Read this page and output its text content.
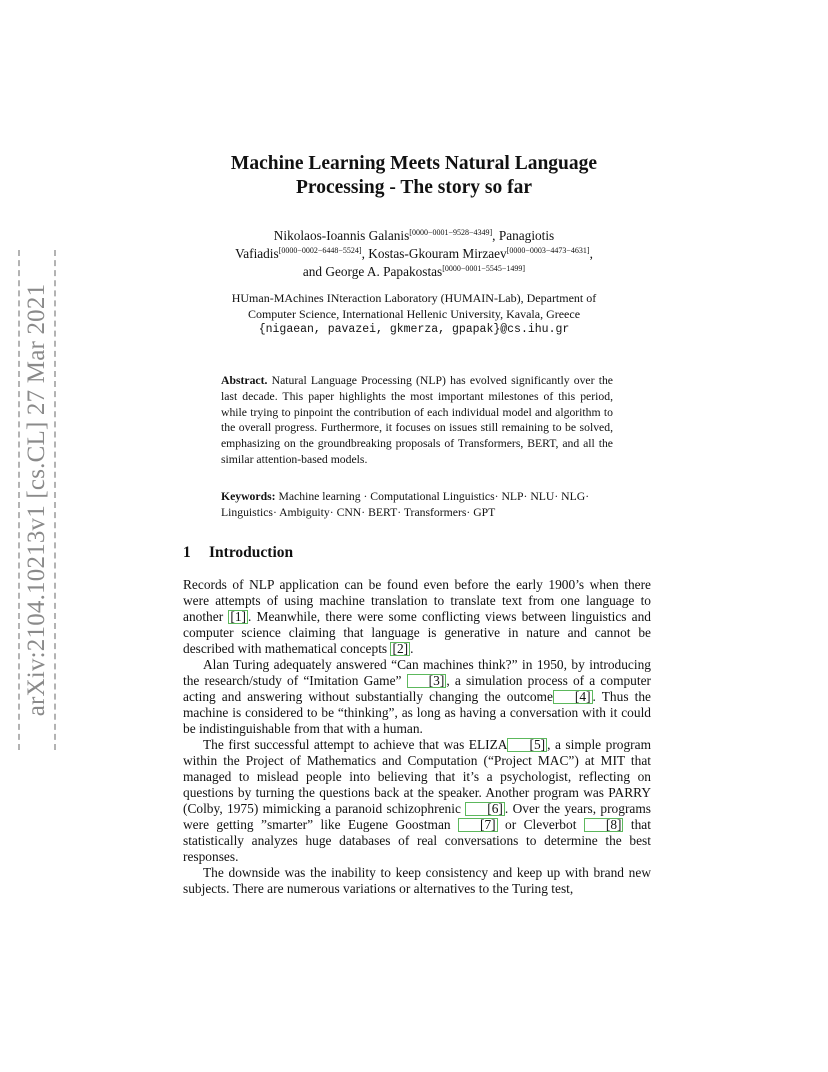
arXiv:2104.10213v1 [cs.CL] 27 Mar 2021
Machine Learning Meets Natural Language
Processing - The story so far
Nikolaos-Ioannis Galanis[0000−0001−9528−4349], Panagiotis
Vafiadis[0000−0002−6448−5524], Kostas-Gkouram Mirzaev[0000−0003−4473−4631],
and George A. Papakostas[0000−0001−5545−1499]
HUman-MAchines INteraction Laboratory (HUMAIN-Lab), Department of
Computer Science, International Hellenic University, Kavala, Greece
{nigaean, pavazei, gkmerza, gpapak}@cs.ihu.gr
Abstract. Natural Language Processing (NLP) has evolved significantly over the last decade. This paper highlights the most important milestones of this period, while trying to pinpoint the contribution of each individual model and algorithm to the overall progress. Furthermore, it focuses on issues still remaining to be solved, emphasizing on the groundbreaking proposals of Transformers, BERT, and all the similar attention-based models.
Keywords: Machine learning · Computational Linguistics· NLP· NLU· NLG· Linguistics· Ambiguity· CNN· BERT· Transformers· GPT
1 Introduction

Records of NLP application can be found even before the early 1900’s when there were attempts of using machine translation to translate text from one language to another [1] . Meanwhile, there were some conflicting views between linguistics and computer science claiming that language is generative in nature and cannot be described with mathematical concepts [2] .

Alan Turing adequately answered “Can machines think?” in 1950, by introducing the research/study of “Imitation Game” [3] , a simulation process of a computer acting and answering without substantially changing the outcome [4] . Thus the machine is considered to be “thinking”, as long as having a conversation with it could be indistinguishable from that with a human.

The first successful attempt to achieve that was ELIZA [5] , a simple program within the Project of Mathematics and Computation (“Project MAC”) at MIT that managed to mislead people into believing that it’s a psychologist, reflecting on questions by turning the questions back at the speaker. Another program was PARRY (Colby, 1975) mimicking a paranoid schizophrenic [6] . Over the years, programs were getting ”smarter” like Eugene Goostman [7] or Cleverbot [8] that statistically analyzes huge databases of real conversations to determine the best responses.

The downside was the inability to keep consistency and keep up with brand new subjects. There are numerous variations or alternatives to the Turing test,
